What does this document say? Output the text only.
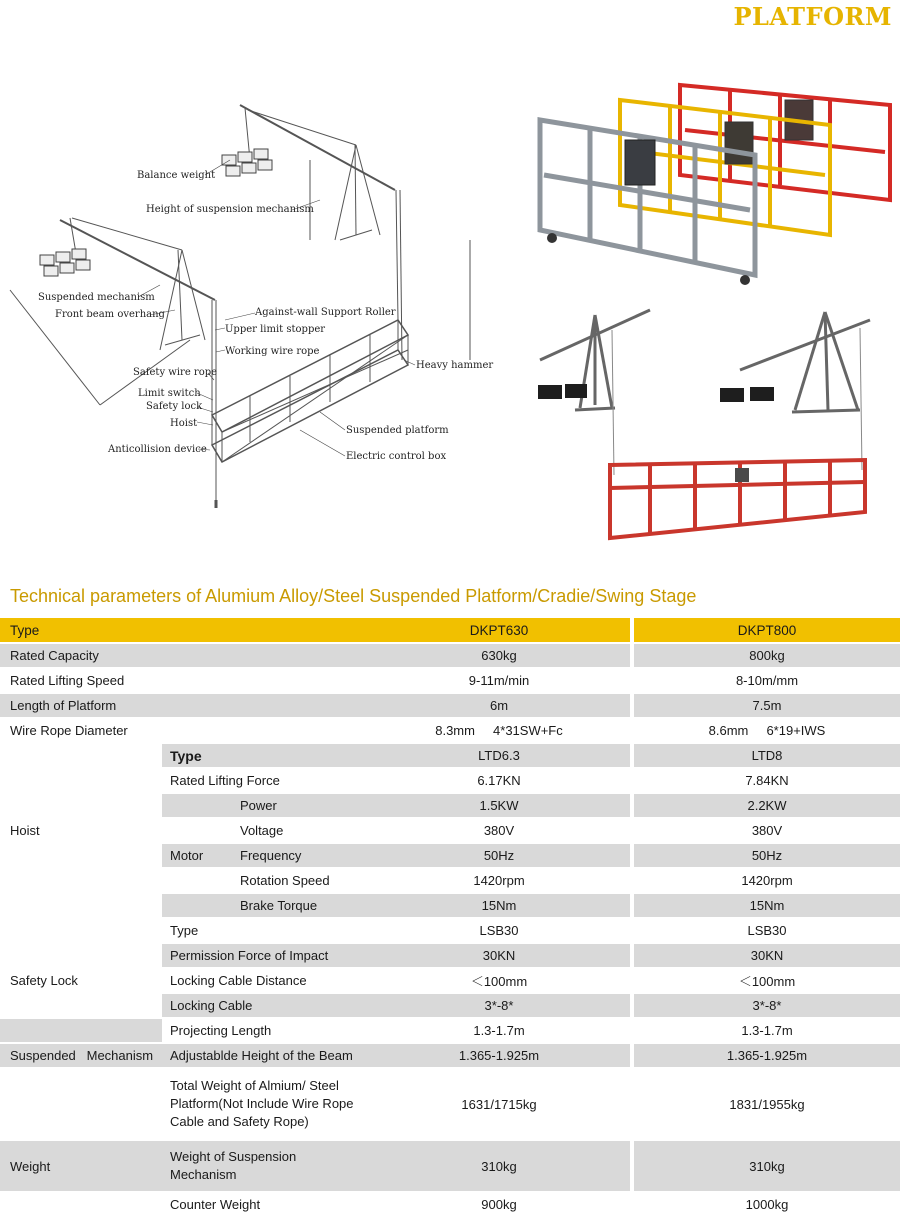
PLATFORM
Balance weight
Height of suspension mechanism
Suspended mechanism
Front beam overhang	Against-wall Support Roller
Upper limit stopper
Working wire rope
Safety wire rope
Heavy hammer
Limit switch
Safety lock
Hoist
Suspended platform
Anticollision device
Electric control box
Technical parameters of Alumium Alloy/Steel Suspended Platform/Cradie/Swing Stage
Type			DKPT630		DKPT800
Rated Capacity			630kg		800kg
Rated Lifting Speed			9-11m/min		8-10m/mm
Length of Platform			6m		7.5m
Wire Rope Diameter			8.3mm     4*31SW+Fc		8.6mm     6*19+IWS
	Type		LTD6.3		LTD8
	Rated Lifting Force		6.17KN		7.84KN
	Power		1.5KW		2.2KW
Hoist	Voltage		380V		380V
	Motor	Frequency	50Hz		50Hz
	Rotation Speed		1420rpm		1420rpm
	Brake Torque		15Nm		15Nm
	Type		LSB30		LSB30
	Permission Force of Impact		30KN		30KN
Safety Lock	Locking Cable Distance		＜100mm		＜100mm
	Locking Cable		3*-8*		3*-8*
	Projecting Length		1.3-1.7m		1.3-1.7m
Suspended   Mechanism	Adjustablde Height of the Beam		1.365-1.925m		1.365-1.925m
	Total Weight of Almium/ Steel Platform(Not Include Wire Rope Cable and Safety Rope)		1631/1715kg		1831/1955kg
Weight	Weight of Suspension Mechanism		310kg		310kg
	Counter Weight		900kg		1000kg
